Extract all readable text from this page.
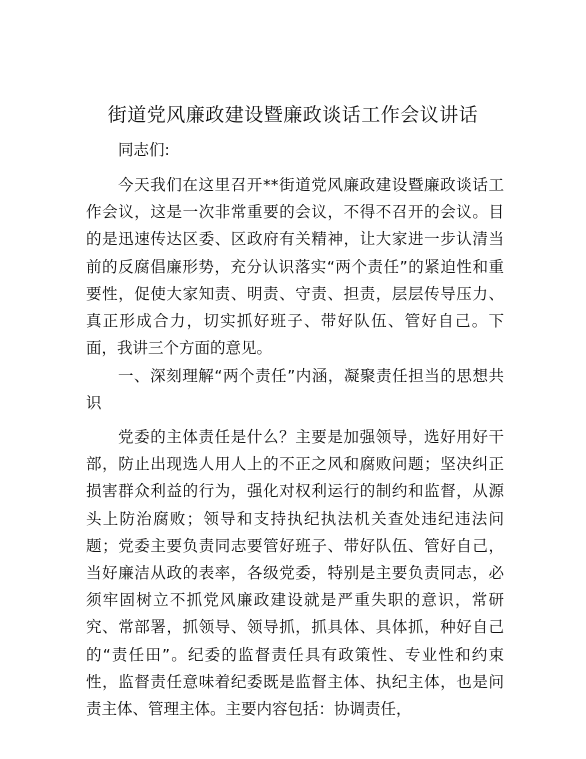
街道党风廉政建设暨廉政谈话工作会议讲话
同志们:
今天我们在这里召开**街道党风廉政建设暨廉政谈话工作会议，这是一次非常重要的会议，不得不召开的会议。目的是迅速传达区委、区政府有关精神，让大家进一步认清当前的反腐倡廉形势，充分认识落实“两个责任”的紧迫性和重要性，促使大家知责、明责、守责、担责，层层传导压力、真正形成合力，切实抓好班子、带好队伍、管好自己。下面，我讲三个方面的意见。
一、深刻理解“两个责任”内涵，凝聚责任担当的思想共识
党委的主体责任是什么？主要是加强领导，选好用好干部，防止出现选人用人上的不正之风和腐败问题；坚决纠正损害群众利益的行为，强化对权利运行的制约和监督，从源头上防治腐败；领导和支持执纪执法机关查处违纪违法问题；党委主要负责同志要管好班子、带好队伍、管好自己，当好廉洁从政的表率，各级党委，特别是主要负责同志，必须牢固树立不抓党风廉政建设就是严重失职的意识，常研究、常部署，抓领导、领导抓，抓具体、具体抓，种好自己的“责任田”。纪委的监督责任具有政策性、专业性和约束性，监督责任意味着纪委既是监督主体、执纪主体，也是问责主体、管理主体。主要内容包括：协调责任，
